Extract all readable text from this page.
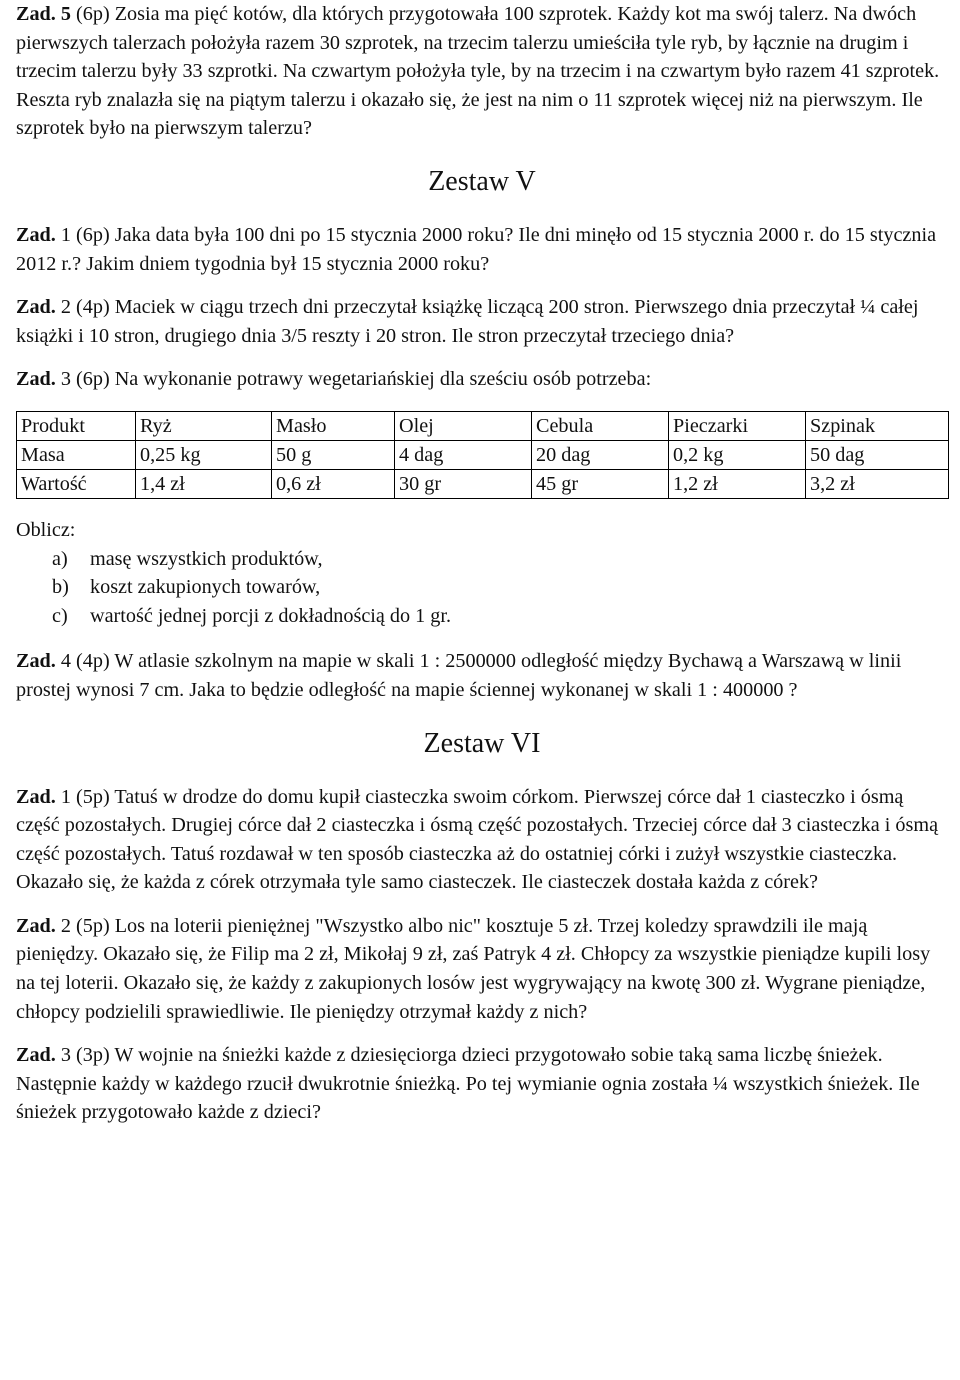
Zad. 5 (6p) Zosia ma pięć kotów, dla których przygotowała 100 szprotek. Każdy kot ma swój talerz. Na dwóch pierwszych talerzach położyła razem 30 szprotek, na trzecim talerzu umieściła tyle ryb, by łącznie na drugim i trzecim talerzu były 33 szprotki. Na czwartym położyła tyle, by na trzecim i na czwartym było razem 41 szprotek. Reszta ryb znalazła się na piątym talerzu i okazało się, że jest na nim o 11 szprotek więcej niż na pierwszym. Ile szprotek było na pierwszym talerzu?

Zestaw V

Zad. 1 (6p) Jaka data była 100 dni po 15 stycznia 2000 roku? Ile dni minęło od 15 stycznia 2000 r. do 15 stycznia 2012 r.? Jakim dniem tygodnia był 15 stycznia 2000 roku?

Zad. 2 (4p) Maciek w ciągu trzech dni przeczytał książkę liczącą 200 stron. Pierwszego dnia przeczytał ¼ całej książki i 10 stron, drugiego dnia 3/5 reszty i 20 stron. Ile stron przeczytał trzeciego dnia?

Zad. 3 (6p) Na wykonanie potrawy wegetariańskiej dla sześciu osób potrzeba:

Produkt	Ryż	Masło	Olej	Cebula	Pieczarki	Szpinak
Masa	0,25 kg	50 g	4 dag	20 dag	0,2 kg	50 dag
Wartość	1,4 zł	0,6 zł	30 gr	45 gr	1,2 zł	3,2 zł

Oblicz:

a) masę wszystkich produktów,
b) koszt zakupionych towarów,
c) wartość jednej porcji z dokładnością do 1 gr.

Zad. 4 (4p) W atlasie szkolnym na mapie w skali 1 : 2500000 odległość między Bychawą a Warszawą w linii prostej wynosi 7 cm. Jaka to będzie odległość na mapie ściennej wykonanej w skali 1 : 400000 ?

Zestaw VI

Zad. 1 (5p) Tatuś w drodze do domu kupił ciasteczka swoim córkom. Pierwszej córce dał 1 ciasteczko i ósmą część pozostałych. Drugiej córce dał 2 ciasteczka i ósmą część pozostałych. Trzeciej córce dał 3 ciasteczka i ósmą część pozostałych. Tatuś rozdawał w ten sposób ciasteczka aż do ostatniej córki i zużył wszystkie ciasteczka. Okazało się, że każda z córek otrzymała tyle samo ciasteczek. Ile ciasteczek dostała każda z córek?

Zad. 2 (5p) Los na loterii pieniężnej "Wszystko albo nic" kosztuje 5 zł. Trzej koledzy sprawdzili ile mają pieniędzy. Okazało się, że Filip ma 2 zł, Mikołaj 9 zł, zaś Patryk 4 zł. Chłopcy za wszystkie pieniądze kupili losy na tej loterii. Okazało się, że każdy z zakupionych losów jest wygrywający na kwotę 300 zł. Wygrane pieniądze, chłopcy podzielili sprawiedliwie. Ile pieniędzy otrzymał każdy z nich?

Zad. 3 (3p) W wojnie na śnieżki każde z dziesięciorga dzieci przygotowało sobie taką sama liczbę śnieżek. Następnie każdy w każdego rzucił dwukrotnie śnieżką. Po tej wymianie ognia została ¼ wszystkich śnieżek. Ile śnieżek przygotowało każde z dzieci?
